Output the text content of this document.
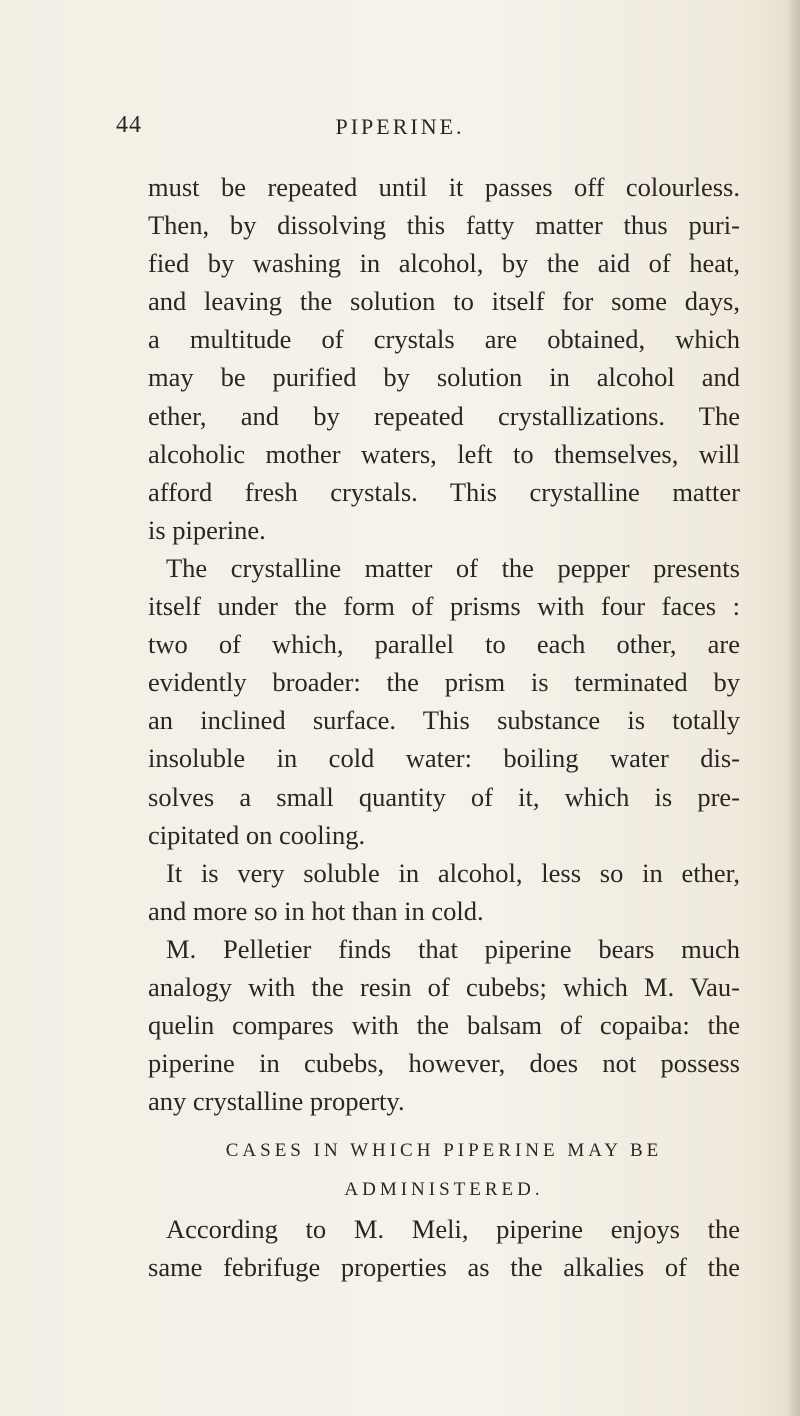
44	PIPERINE.
must be repeated until it passes off colourless.
Then, by dissolving this fatty matter thus puri-
fied by washing in alcohol, by the aid of heat,
and leaving the solution to itself for some days,
a multitude of crystals are obtained, which
may be purified by solution in alcohol and
ether, and by repeated crystallizations. The
alcoholic mother waters, left to themselves, will
afford fresh crystals. This crystalline matter
is piperine.
The crystalline matter of the pepper presents
itself under the form of prisms with four faces :
two of which, parallel to each other, are
evidently broader: the prism is terminated by
an inclined surface. This substance is totally
insoluble in cold water: boiling water dis-
solves a small quantity of it, which is pre-
cipitated on cooling.
It is very soluble in alcohol, less so in ether,
and more so in hot than in cold.
M. Pelletier finds that piperine bears much
analogy with the resin of cubebs; which M. Vau-
quelin compares with the balsam of copaiba: the
piperine in cubebs, however, does not possess
any crystalline property.
CASES IN WHICH PIPERINE MAY BE
ADMINISTERED.
According to M. Meli, piperine enjoys the
same febrifuge properties as the alkalies of the
